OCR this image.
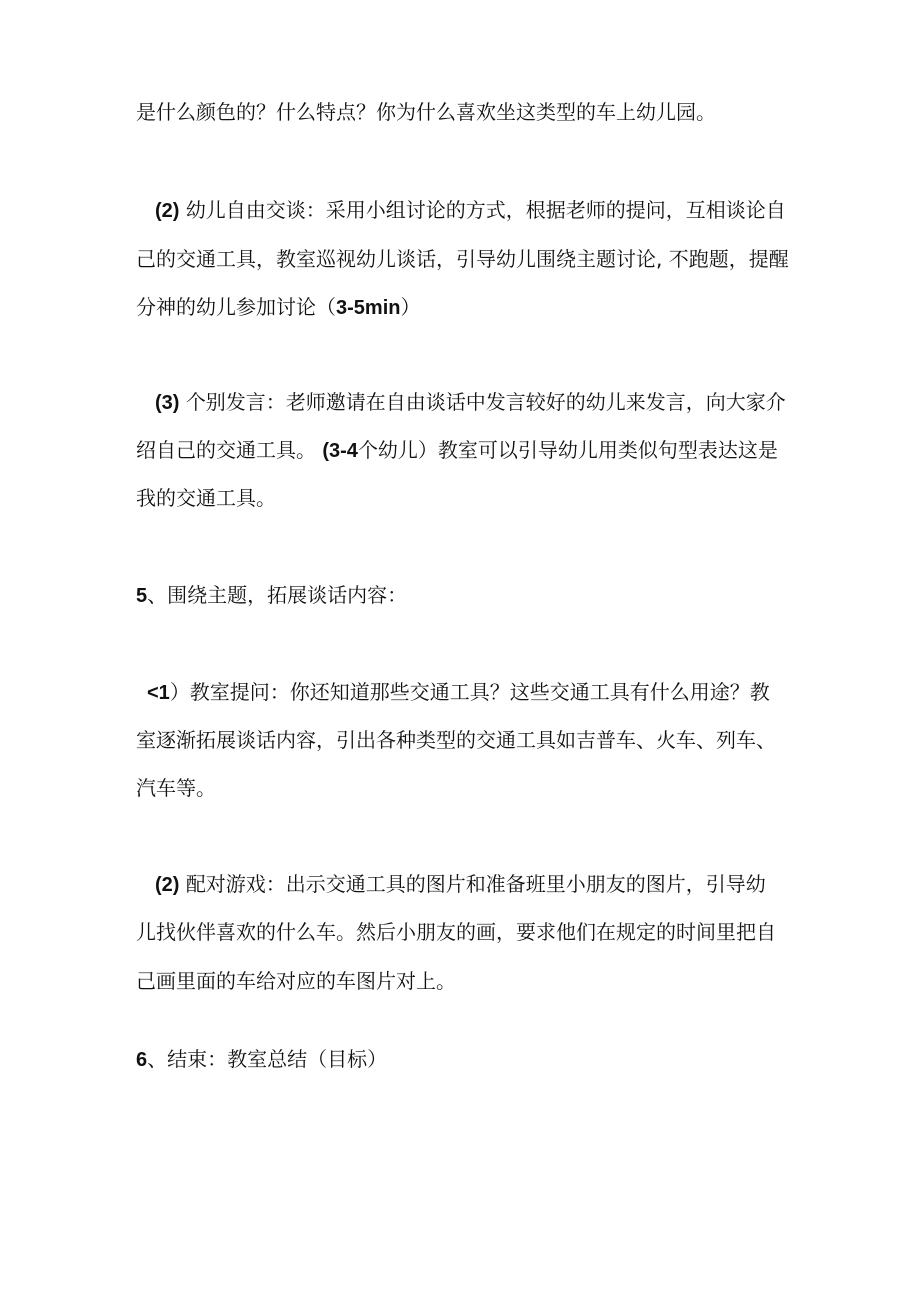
是什么颜色的？什么特点？你为什么喜欢坐这类型的车上幼儿园。
(2) 幼儿自由交谈：采用小组讨论的方式，根据老师的提问，互相谈论自
己的交通工具，教室巡视幼儿谈话，引导幼儿围绕主题讨论, 不跑题，提醒
分神的幼儿参加讨论（3-5min）
(3) 个别发言：老师邀请在自由谈话中发言较好的幼儿来发言，向大家介
绍自己的交通工具。 (3-4个幼儿）教室可以引导幼儿用类似句型表达这是
我的交通工具。
5、围绕主题，拓展谈话内容：
<1）教室提问：你还知道那些交通工具？这些交通工具有什么用途？教
室逐渐拓展谈话内容，引出各种类型的交通工具如吉普车、火车、列车、
汽车等。
(2) 配对游戏：出示交通工具的图片和准备班里小朋友的图片，引导幼
儿找伙伴喜欢的什么车。然后小朋友的画，要求他们在规定的时间里把自
己画里面的车给对应的车图片对上。
6、结束：教室总结（目标）
